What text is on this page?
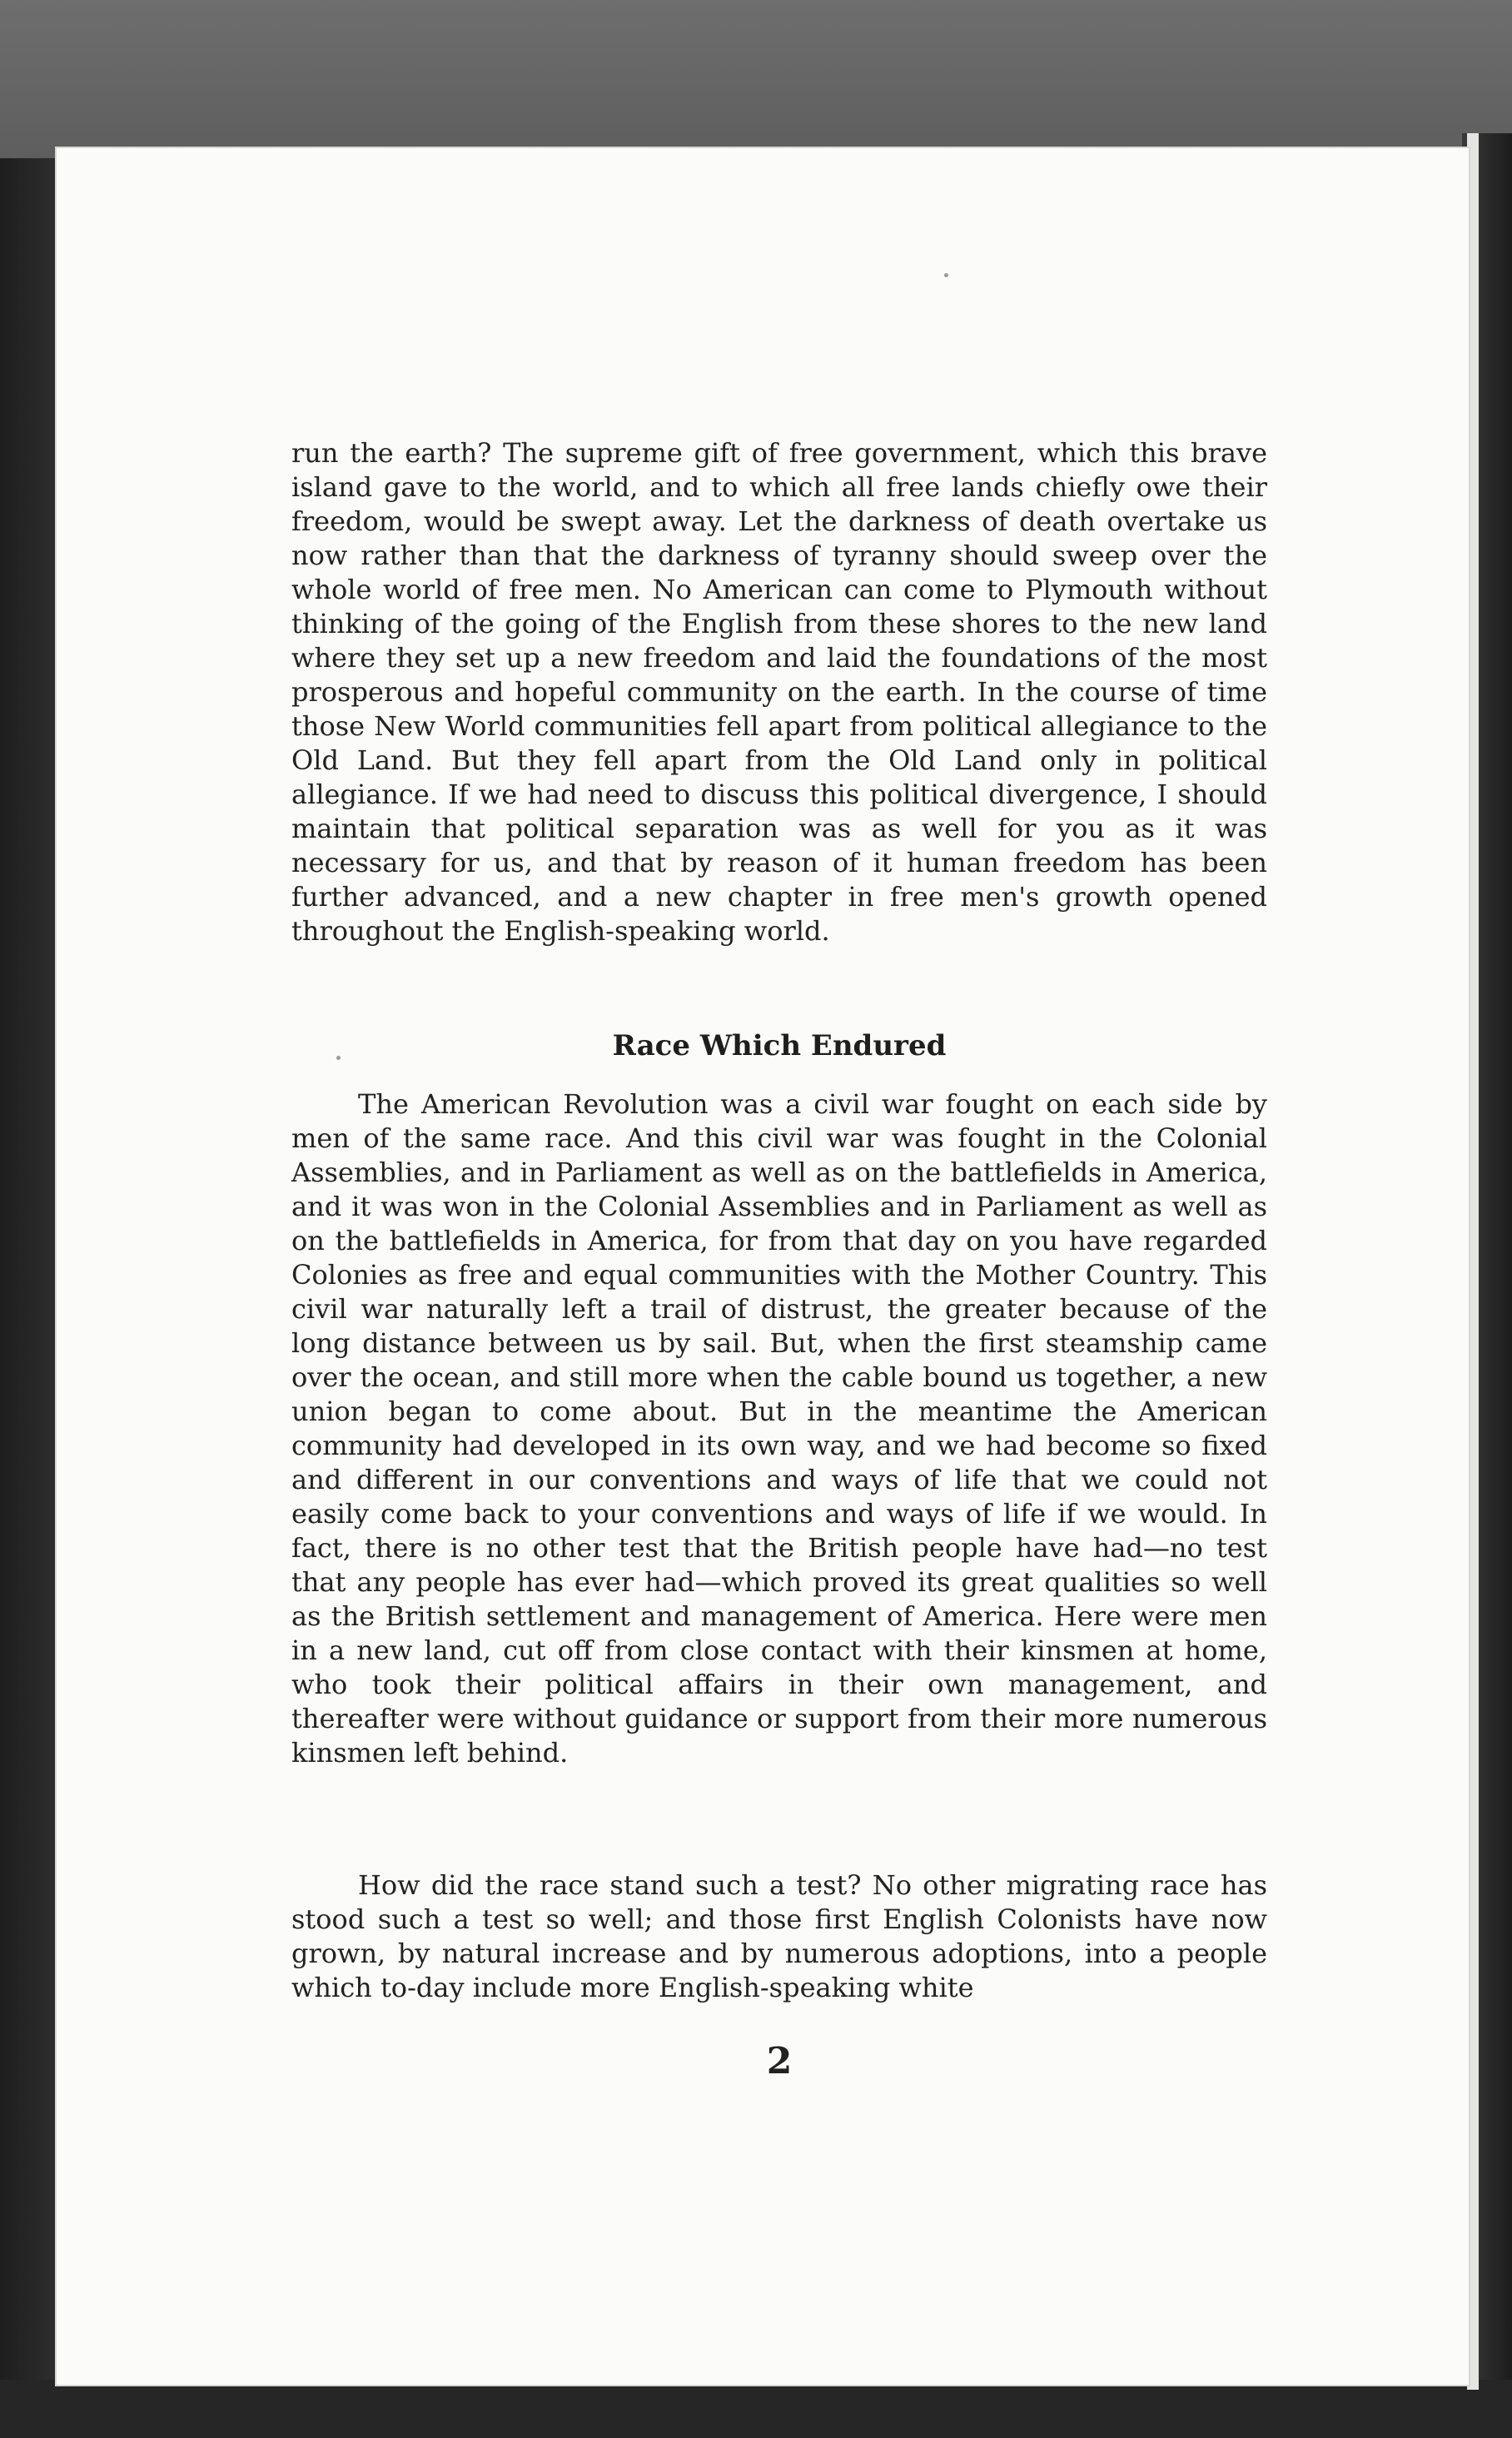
run the earth? The supreme gift of free government, which this brave island gave to the world, and to which all free lands chiefly owe their freedom, would be swept away. Let the darkness of death overtake us now rather than that the darkness of tyranny should sweep over the whole world of free men. No American can come to Plymouth without thinking of the going of the English from these shores to the new land where they set up a new freedom and laid the foundations of the most prosperous and hopeful community on the earth. In the course of time those New World communities fell apart from political allegiance to the Old Land. But they fell apart from the Old Land only in political allegiance. If we had need to discuss this political divergence, I should maintain that political separation was as well for you as it was necessary for us, and that by reason of it human freedom has been further advanced, and a new chapter in free men's growth opened throughout the English-speaking world.

Race Which Endured

The American Revolution was a civil war fought on each side by men of the same race. And this civil war was fought in the Colonial Assemblies, and in Parliament as well as on the battlefields in America, and it was won in the Colonial Assemblies and in Parliament as well as on the battlefields in America, for from that day on you have regarded Colonies as free and equal communities with the Mother Country. This civil war naturally left a trail of distrust, the greater because of the long distance between us by sail. But, when the first steamship came over the ocean, and still more when the cable bound us together, a new union began to come about. But in the meantime the American community had developed in its own way, and we had become so fixed and different in our conventions and ways of life that we could not easily come back to your conventions and ways of life if we would. In fact, there is no other test that the British people have had—no test that any people has ever had—which proved its great qualities so well as the British settlement and management of America. Here were men in a new land, cut off from close contact with their kinsmen at home, who took their political affairs in their own management, and thereafter were without guidance or support from their more numerous kinsmen left behind.

How did the race stand such a test? No other migrating race has stood such a test so well; and those first English Colonists have now grown, by natural increase and by numerous adoptions, into a people which to-day include more English-speaking white

2
